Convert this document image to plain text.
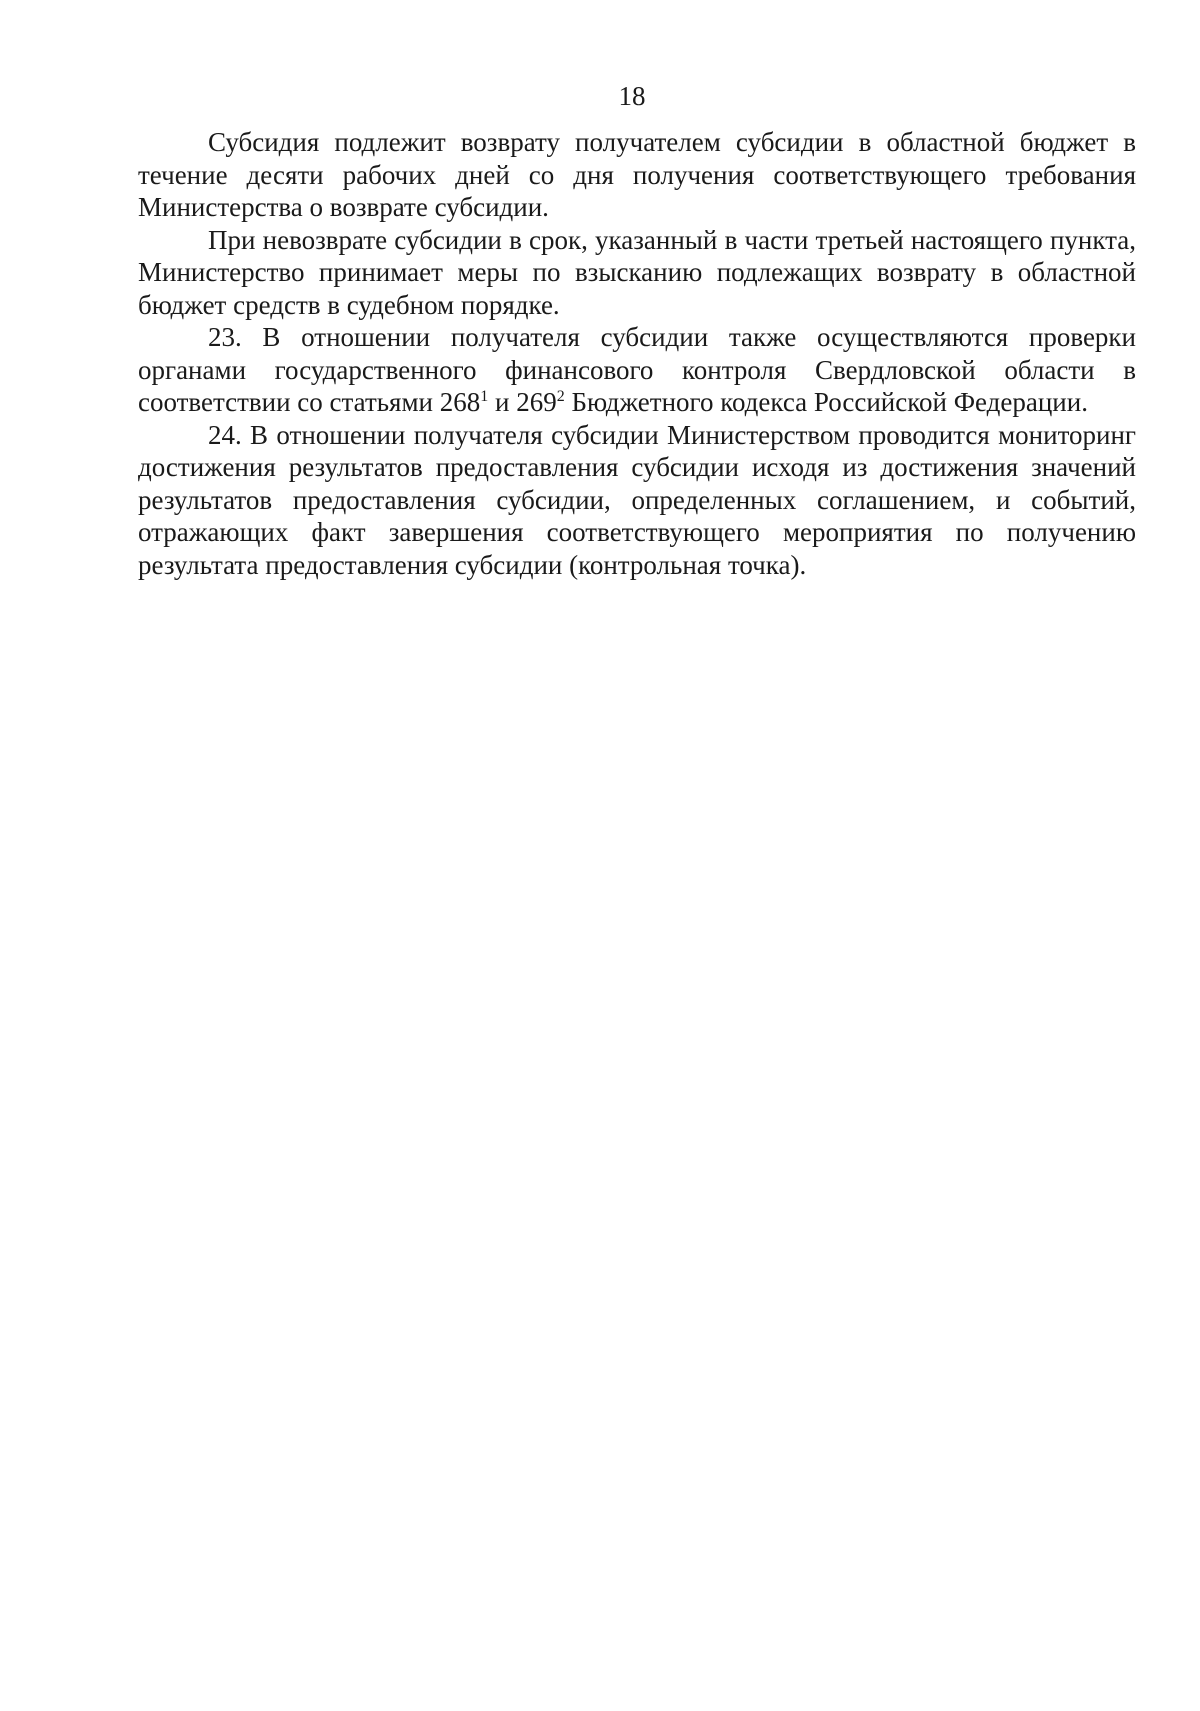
18

Субсидия подлежит возврату получателем субсидии в областной бюджет в течение десяти рабочих дней со дня получения соответствующего требования Министерства о возврате субсидии.

При невозврате субсидии в срок, указанный в части третьей настоящего пункта, Министерство принимает меры по взысканию подлежащих возврату в областной бюджет средств в судебном порядке.

23. В отношении получателя субсидии также осуществляются проверки органами государственного финансового контроля Свердловской области в соответствии со статьями $268^1$ и $269^2$ Бюджетного кодекса Российской Федерации.

24. В отношении получателя субсидии Министерством проводится мониторинг достижения результатов предоставления субсидии исходя из достижения значений результатов предоставления субсидии, определенных соглашением, и событий, отражающих факт завершения соответствующего мероприятия по получению результата предоставления субсидии (контрольная точка).
